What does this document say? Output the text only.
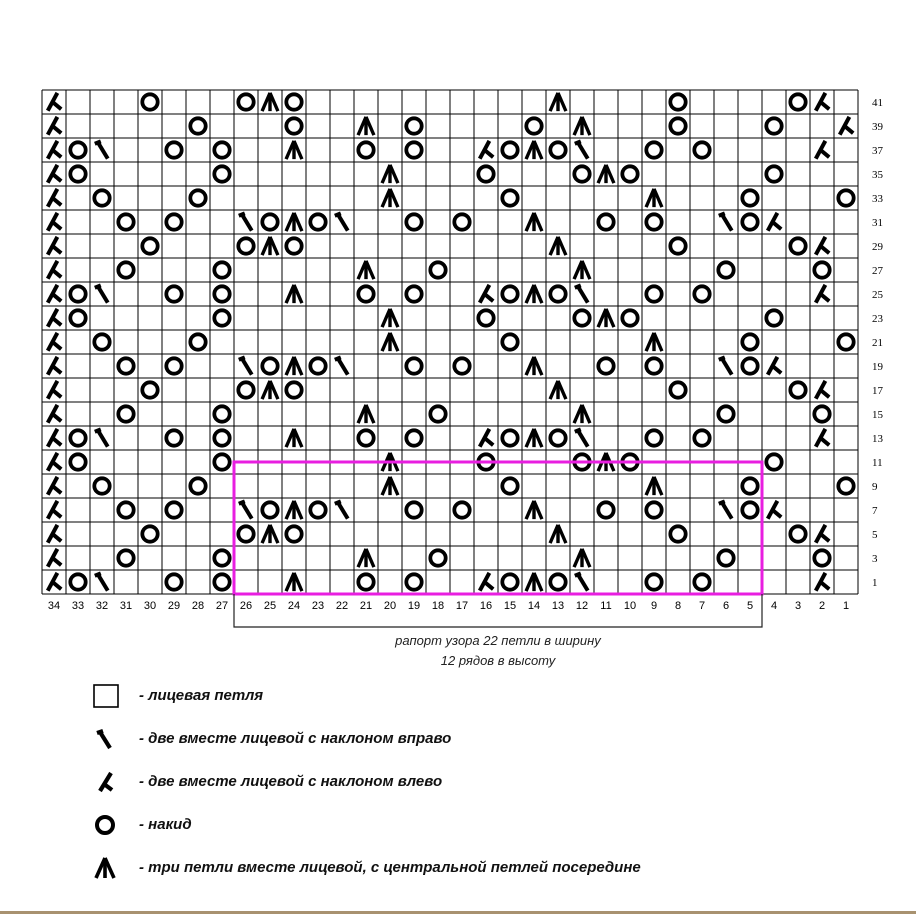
34 33 32 31 30 29 28 27 26 25 24 23 22 21 20 19 18 17 16 15 14 13 12 11 10 9 8 7 6 5 4 3 2 1
1
3
5
7
9
11
13
15
17
19
21
23
25
27
29
31
33
35
37
39
41
рапорт узора 22 петли в ширину
12 рядов в высоту
- лицевая петля
- две вместе лицевой с наклоном вправо
- две вместе лицевой с наклоном влево
- накид
- три петли вместе лицевой, с центральной петлей посередине
